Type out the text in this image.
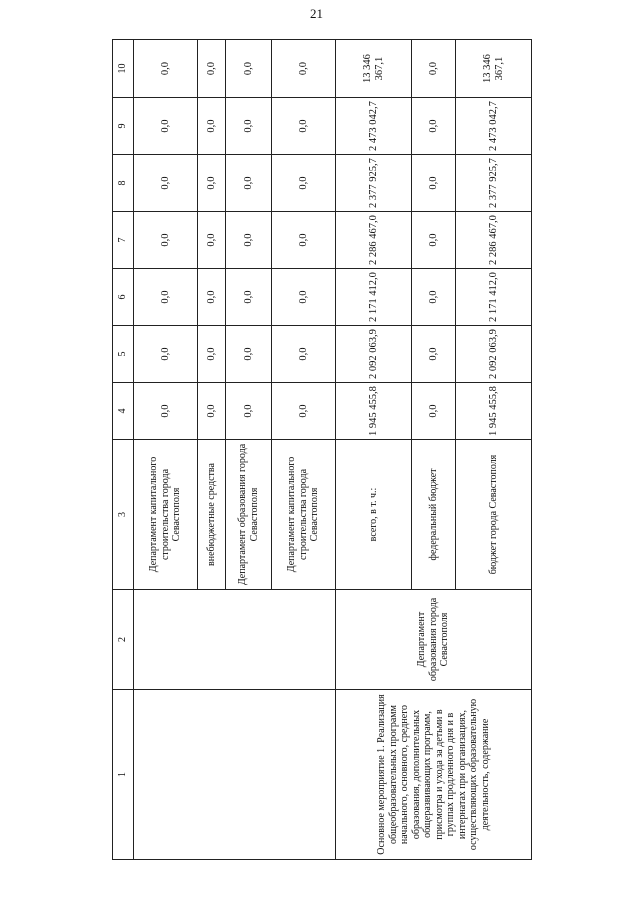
21
1	2	3	4	5	6	7	8	9	10
		Департамент капитального строительства города Севастополя	0,0	0,0	0,0	0,0	0,0	0,0	0,0
		внебюджетные средства	0,0	0,0	0,0	0,0	0,0	0,0	0,0
		Департамент образования города Севастополя	0,0	0,0	0,0	0,0	0,0	0,0	0,0
		Департамент капитального строительства города Севастополя	0,0	0,0	0,0	0,0	0,0	0,0	0,0
Основное мероприятие 1. Реализация общеобразовательных программ начального, основного, среднего образования, дополнительных общеразвивающих программ, присмотра и ухода за детьми в группах продленного дня и в интернатах при организациях, осуществляющих образовательную деятельность, содержание	Департамент образования города Севастополя	всего, в т. ч.:	1 945 455,8	2 092 063,9	2 171 412,0	2 286 467,0	2 377 925,7	2 473 042,7	13 346 367,1
		федеральный бюджет	0,0	0,0	0,0	0,0	0,0	0,0	0,0
		бюджет города Севастополя	1 945 455,8	2 092 063,9	2 171 412,0	2 286 467,0	2 377 925,7	2 473 042,7	13 346 367,1
